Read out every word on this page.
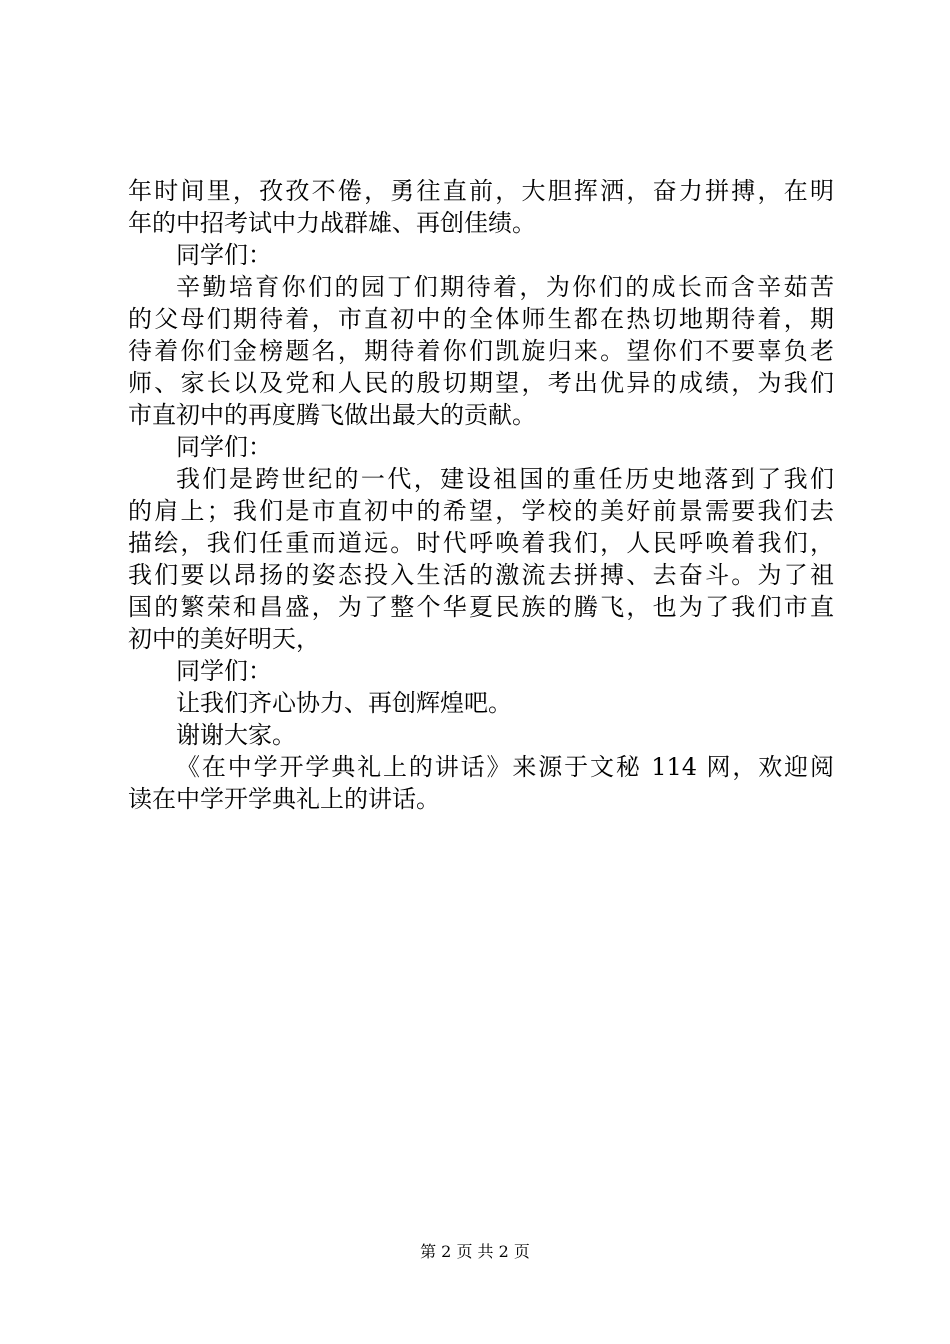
年时间里，孜孜不倦，勇往直前，大胆挥洒，奋力拼搏，在明
年的中招考试中力战群雄、再创佳绩。
同学们：
辛勤培育你们的园丁们期待着，为你们的成长而含辛茹苦
的父母们期待着，市直初中的全体师生都在热切地期待着，期
待着你们金榜题名，期待着你们凯旋归来。望你们不要辜负老
师、家长以及党和人民的殷切期望，考出优异的成绩，为我们
市直初中的再度腾飞做出最大的贡献。
同学们：
我们是跨世纪的一代，建设祖国的重任历史地落到了我们
的肩上；我们是市直初中的希望，学校的美好前景需要我们去
描绘，我们任重而道远。时代呼唤着我们，人民呼唤着我们，
我们要以昂扬的姿态投入生活的激流去拼搏、去奋斗。为了祖
国的繁荣和昌盛，为了整个华夏民族的腾飞，也为了我们市直
初中的美好明天，
同学们：
让我们齐心协力、再创辉煌吧。
谢谢大家。
《在中学开学典礼上的讲话》来源于文秘 114 网，欢迎阅
读在中学开学典礼上的讲话。
第 2 页 共 2 页
